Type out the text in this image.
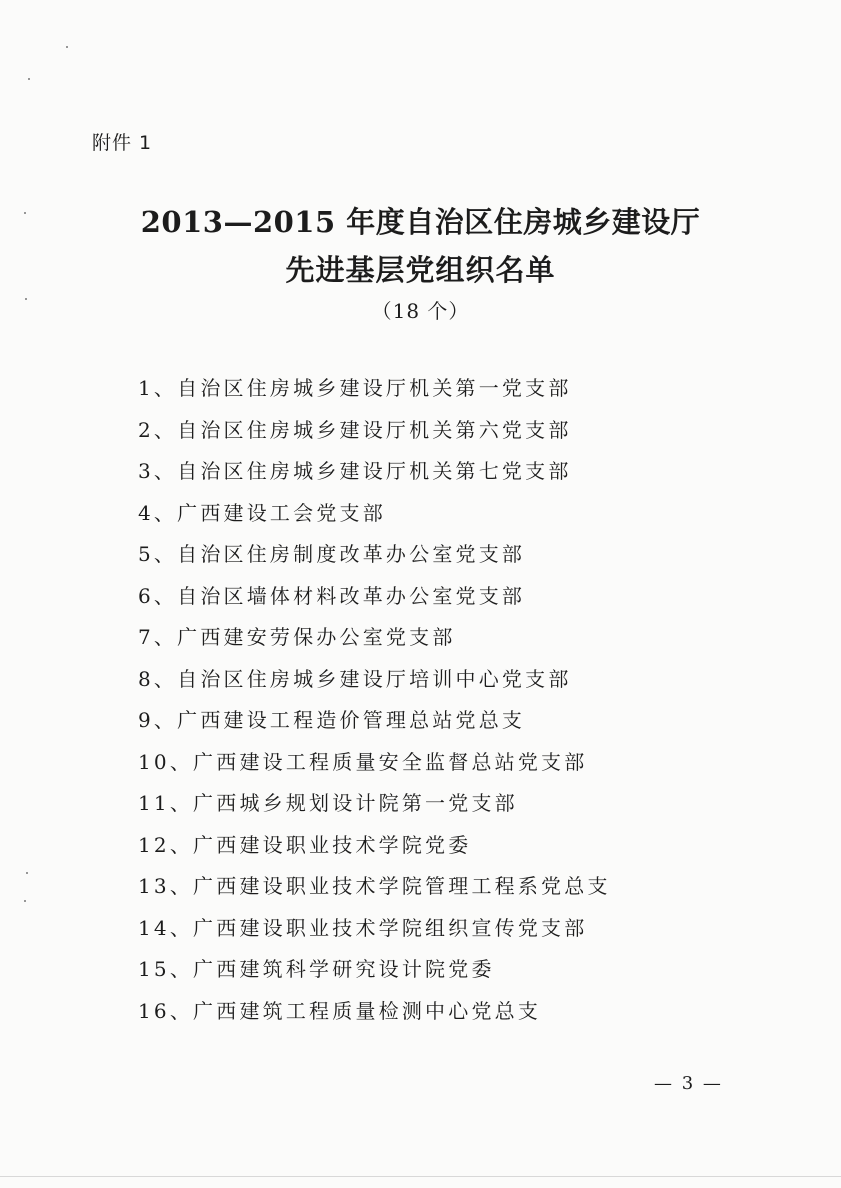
附件 1
2013—2015 年度自治区住房城乡建设厅
先进基层党组织名单
（18 个）
1、自治区住房城乡建设厅机关第一党支部
2、自治区住房城乡建设厅机关第六党支部
3、自治区住房城乡建设厅机关第七党支部
4、广西建设工会党支部
5、自治区住房制度改革办公室党支部
6、自治区墙体材料改革办公室党支部
7、广西建安劳保办公室党支部
8、自治区住房城乡建设厅培训中心党支部
9、广西建设工程造价管理总站党总支
10、广西建设工程质量安全监督总站党支部
11、广西城乡规划设计院第一党支部
12、广西建设职业技术学院党委
13、广西建设职业技术学院管理工程系党总支
14、广西建设职业技术学院组织宣传党支部
15、广西建筑科学研究设计院党委
16、广西建筑工程质量检测中心党总支
— 3 —
